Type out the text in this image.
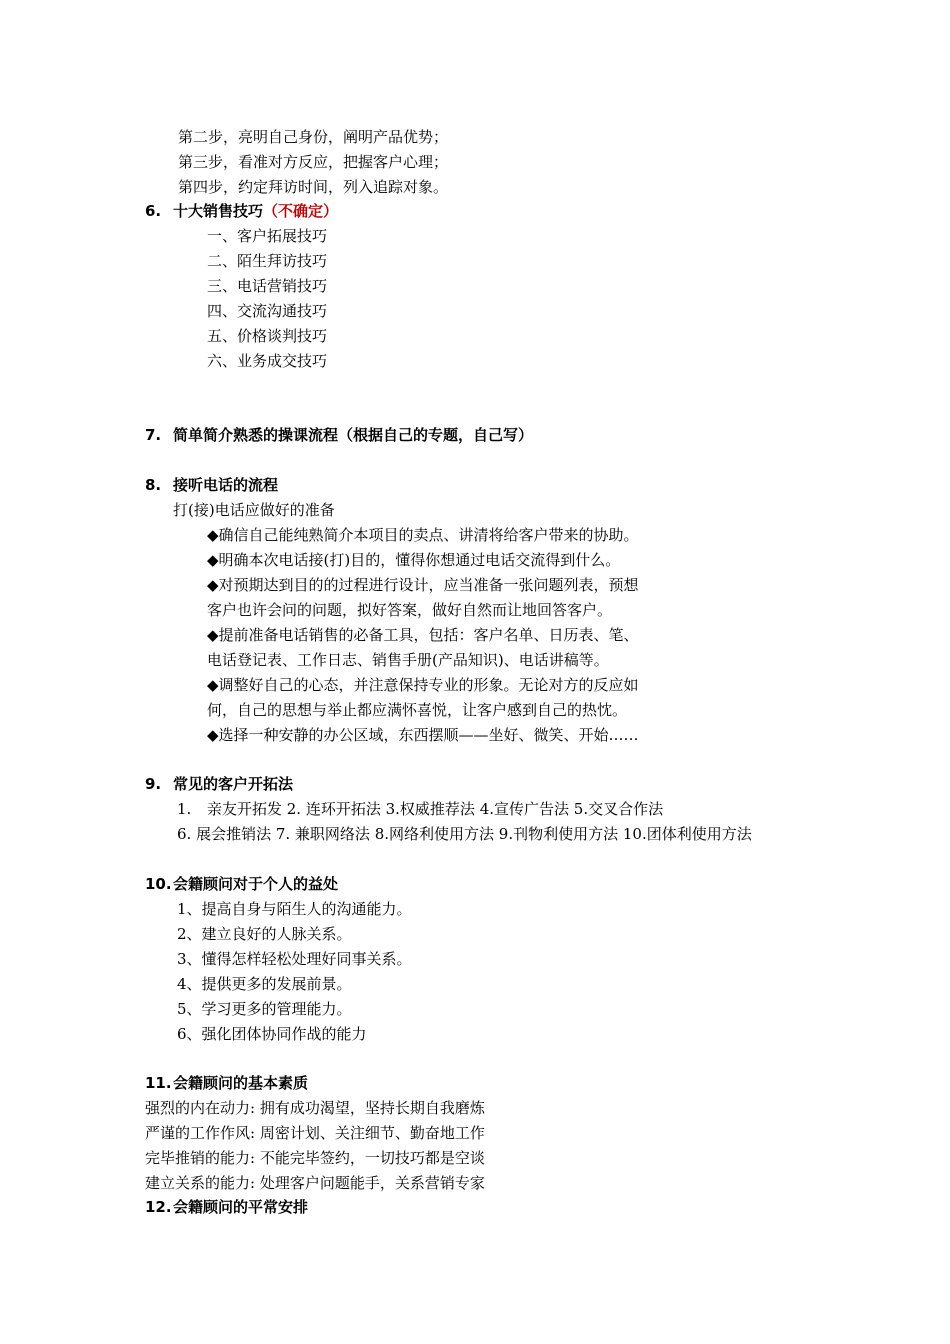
第二步，亮明自己身份，阐明产品优势；
第三步，看准对方反应，把握客户心理；
第四步，约定拜访时间，列入追踪对象。
6. 十大销售技巧（不确定）
一、客户拓展技巧
二、陌生拜访技巧
三、电话营销技巧
四、交流沟通技巧
五、价格谈判技巧
六、业务成交技巧
7. 简单简介熟悉的操课流程（根据自己的专题，自己写）
8. 接听电话的流程
打(接)电话应做好的准备
◆确信自己能纯熟简介本项目的卖点、讲清将给客户带来的协助。
◆明确本次电话接(打)目的，懂得你想通过电话交流得到什么。
◆对预期达到目的的过程进行设计，应当准备一张问题列表，预想
客户也许会问的问题，拟好答案，做好自然而让地回答客户。
◆提前准备电话销售的必备工具，包括：客户名单、日历表、笔、
电话登记表、工作日志、销售手册(产品知识)、电话讲稿等。
◆调整好自己的心态，并注意保持专业的形象。无论对方的反应如
何，自己的思想与举止都应满怀喜悦，让客户感到自己的热忱。
◆选择一种安静的办公区域，东西摆顺——坐好、微笑、开始……
9. 常见的客户开拓法
1. 亲友开拓发 2. 连环开拓法 3.权威推荐法 4.宣传广告法 5.交叉合作法
6. 展会推销法 7. 兼职网络法 8.网络利使用方法 9.刊物利使用方法 10.团体利使用方法
10.会籍顾问对于个人的益处
1、提高自身与陌生人的沟通能力。
2、建立良好的人脉关系。
3、懂得怎样轻松处理好同事关系。
4、提供更多的发展前景。
5、学习更多的管理能力。
6、强化团体协同作战的能力
11.会籍顾问的基本素质
强烈的内在动力: 拥有成功渴望，坚持长期自我磨炼
严谨的工作作风: 周密计划、关注细节、勤奋地工作
完毕推销的能力: 不能完毕签约，一切技巧都是空谈
建立关系的能力: 处理客户问题能手，关系营销专家
12.会籍顾问的平常安排
